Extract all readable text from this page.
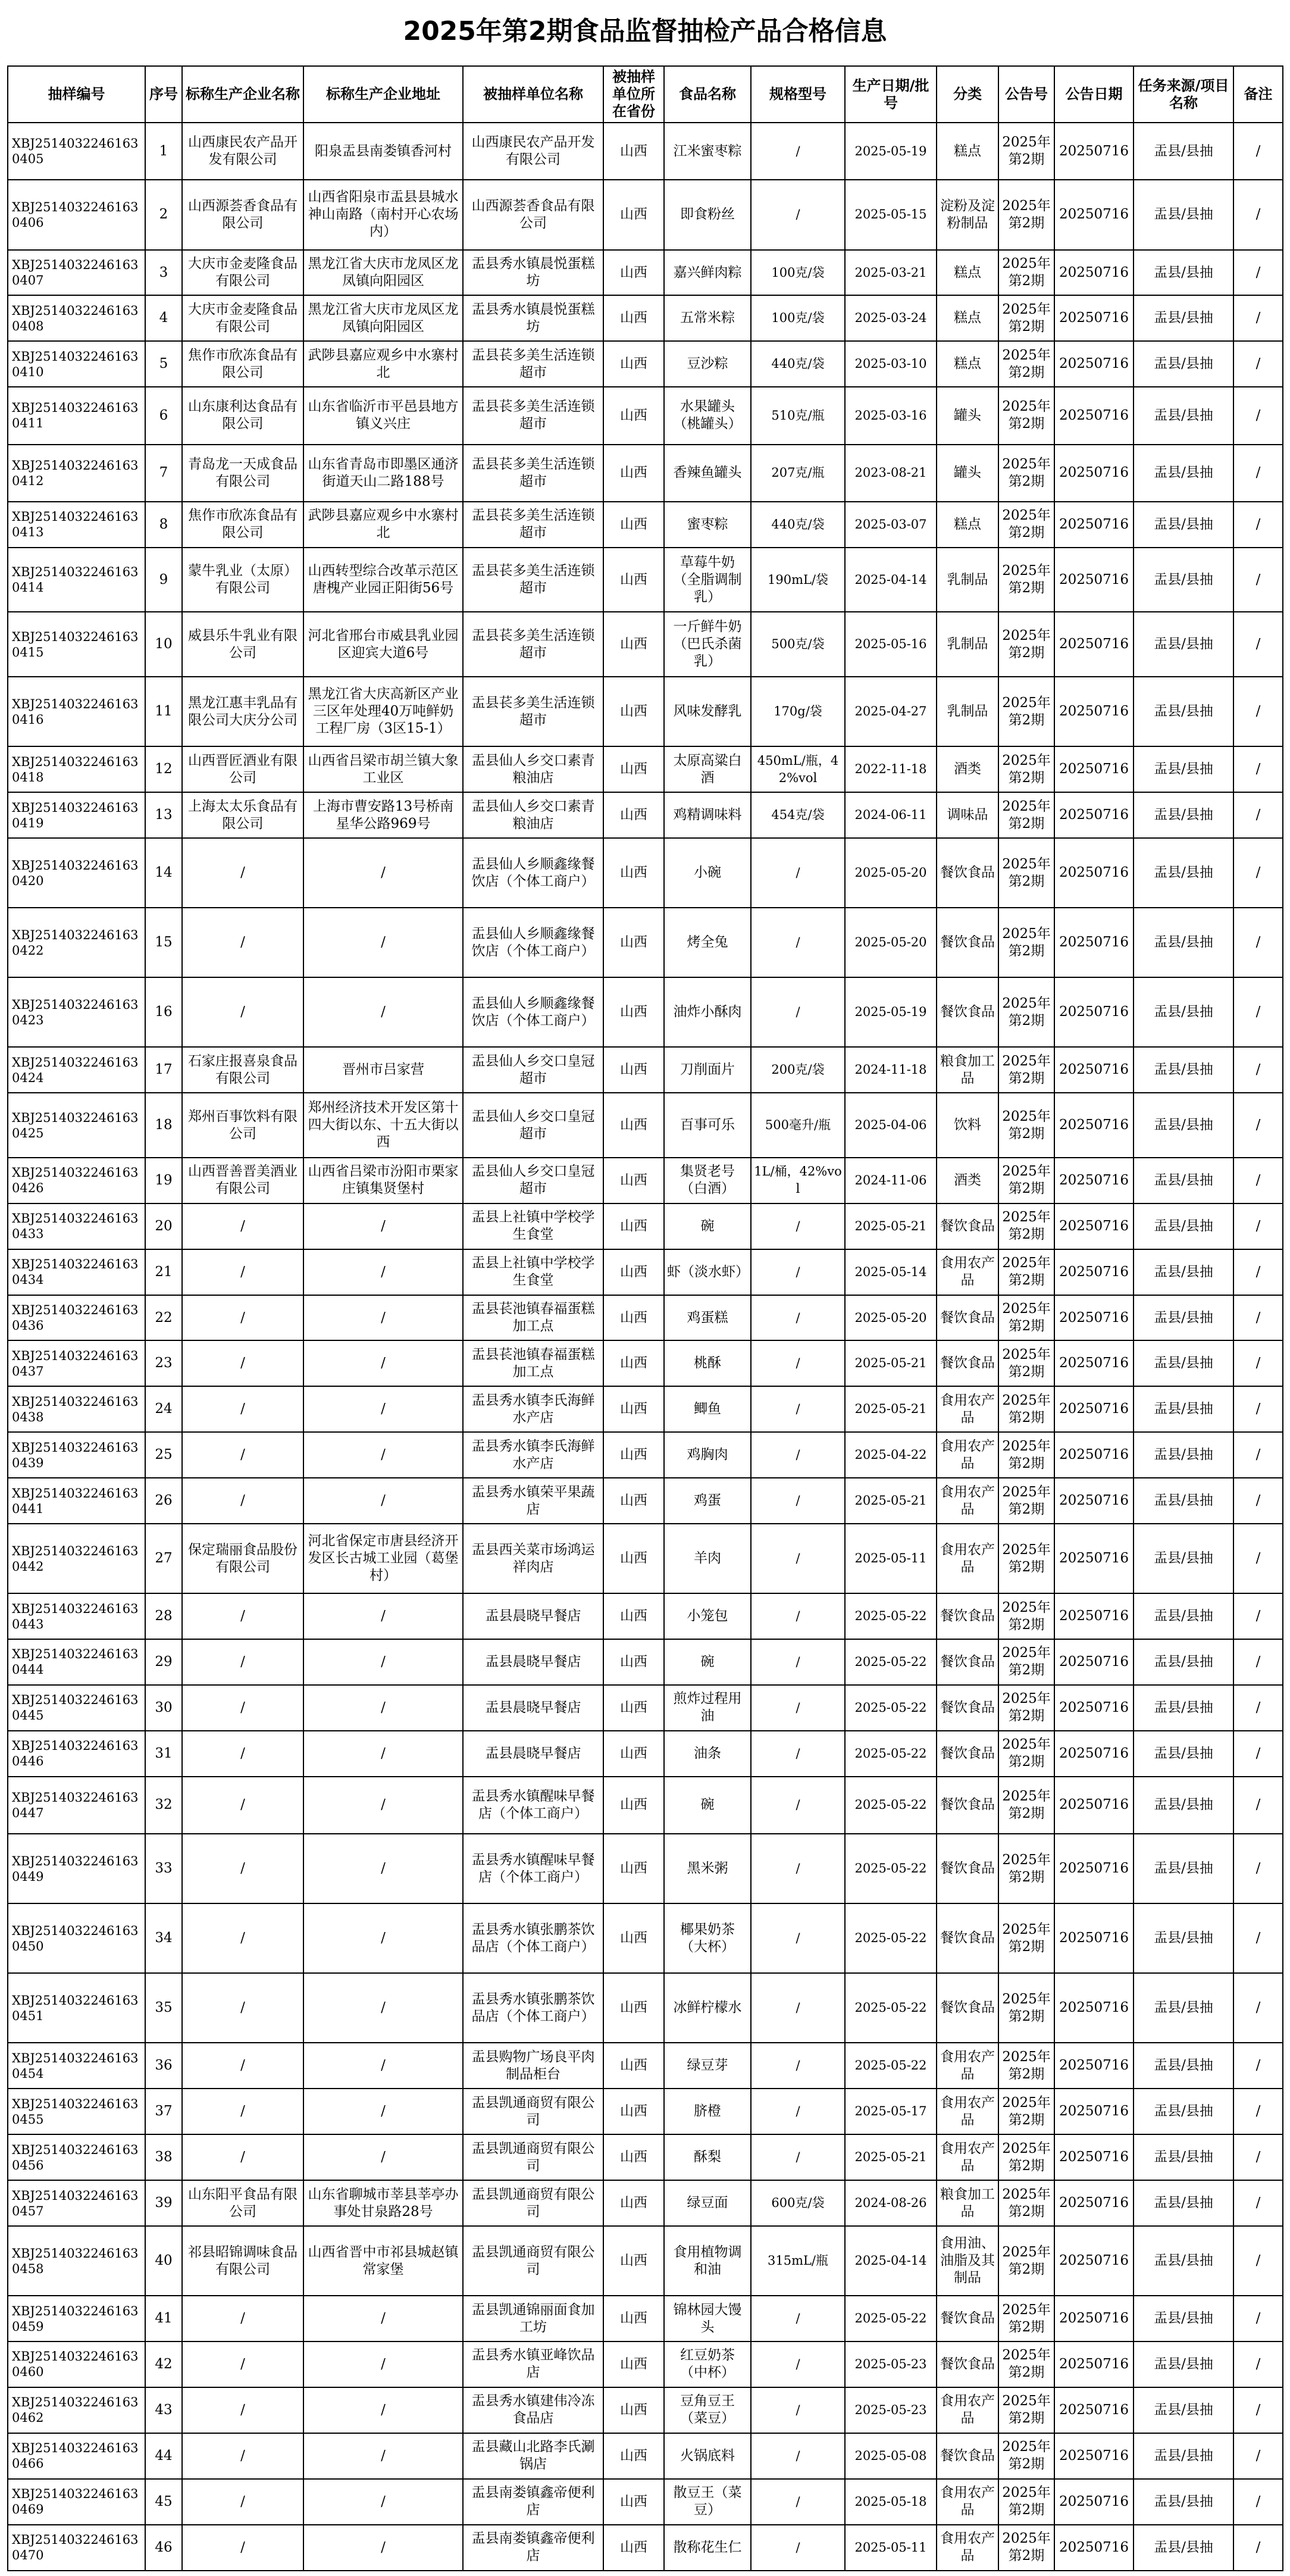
2025年第2期食品监督抽检产品合格信息
抽样编号	序号	标称生产企业名称	标称生产企业地址	被抽样单位名称	被抽样单位所在省份	食品名称	规格型号	生产日期/批号	分类	公告号	公告日期	任务来源/项目名称	备注
XBJ25140322461630405	1	山西康民农产品开发有限公司	阳泉盂县南娄镇香河村	山西康民农产品开发有限公司	山西	江米蜜枣粽	/	2025-05-19	糕点	2025年第2期	20250716	盂县/县抽	/
XBJ25140322461630406	2	山西源荟香食品有限公司	山西省阳泉市盂县县城水神山南路（南村开心农场内）	山西源荟香食品有限公司	山西	即食粉丝	/	2025-05-15	淀粉及淀粉制品	2025年第2期	20250716	盂县/县抽	/
XBJ25140322461630407	3	大庆市金麦隆食品有限公司	黑龙江省大庆市龙凤区龙凤镇向阳园区	盂县秀水镇晨悦蛋糕坊	山西	嘉兴鲜肉粽	100克/袋	2025-03-21	糕点	2025年第2期	20250716	盂县/县抽	/
XBJ25140322461630408	4	大庆市金麦隆食品有限公司	黑龙江省大庆市龙凤区龙凤镇向阳园区	盂县秀水镇晨悦蛋糕坊	山西	五常米粽	100克/袋	2025-03-24	糕点	2025年第2期	20250716	盂县/县抽	/
XBJ25140322461630410	5	焦作市欣冻食品有限公司	武陟县嘉应观乡中水寨村北	盂县苌多美生活连锁超市	山西	豆沙粽	440克/袋	2025-03-10	糕点	2025年第2期	20250716	盂县/县抽	/
XBJ25140322461630411	6	山东康利达食品有限公司	山东省临沂市平邑县地方镇义兴庄	盂县苌多美生活连锁超市	山西	水果罐头（桃罐头）	510克/瓶	2025-03-16	罐头	2025年第2期	20250716	盂县/县抽	/
XBJ25140322461630412	7	青岛龙一天成食品有限公司	山东省青岛市即墨区通济街道天山二路188号	盂县苌多美生活连锁超市	山西	香辣鱼罐头	207克/瓶	2023-08-21	罐头	2025年第2期	20250716	盂县/县抽	/
XBJ25140322461630413	8	焦作市欣冻食品有限公司	武陟县嘉应观乡中水寨村北	盂县苌多美生活连锁超市	山西	蜜枣粽	440克/袋	2025-03-07	糕点	2025年第2期	20250716	盂县/县抽	/
XBJ25140322461630414	9	蒙牛乳业（太原）有限公司	山西转型综合改革示范区唐槐产业园正阳街56号	盂县苌多美生活连锁超市	山西	草莓牛奶（全脂调制乳）	190mL/袋	2025-04-14	乳制品	2025年第2期	20250716	盂县/县抽	/
XBJ25140322461630415	10	威县乐牛乳业有限公司	河北省邢台市威县乳业园区迎宾大道6号	盂县苌多美生活连锁超市	山西	一斤鲜牛奶（巴氏杀菌乳）	500克/袋	2025-05-16	乳制品	2025年第2期	20250716	盂县/县抽	/
XBJ25140322461630416	11	黑龙江惠丰乳品有限公司大庆分公司	黑龙江省大庆高新区产业三区年处理40万吨鲜奶工程厂房（3区15-1）	盂县苌多美生活连锁超市	山西	风味发酵乳	170g/袋	2025-04-27	乳制品	2025年第2期	20250716	盂县/县抽	/
XBJ25140322461630418	12	山西晋匠酒业有限公司	山西省吕梁市胡兰镇大象工业区	盂县仙人乡交口素青粮油店	山西	太原高粱白酒	450mL/瓶，42%vol	2022-11-18	酒类	2025年第2期	20250716	盂县/县抽	/
XBJ25140322461630419	13	上海太太乐食品有限公司	上海市曹安路13号桥南星华公路969号	盂县仙人乡交口素青粮油店	山西	鸡精调味料	454克/袋	2024-06-11	调味品	2025年第2期	20250716	盂县/县抽	/
XBJ25140322461630420	14	/	/	盂县仙人乡顺鑫缘餐饮店（个体工商户）	山西	小碗	/	2025-05-20	餐饮食品	2025年第2期	20250716	盂县/县抽	/
XBJ25140322461630422	15	/	/	盂县仙人乡顺鑫缘餐饮店（个体工商户）	山西	烤全兔	/	2025-05-20	餐饮食品	2025年第2期	20250716	盂县/县抽	/
XBJ25140322461630423	16	/	/	盂县仙人乡顺鑫缘餐饮店（个体工商户）	山西	油炸小酥肉	/	2025-05-19	餐饮食品	2025年第2期	20250716	盂县/县抽	/
XBJ25140322461630424	17	石家庄报喜泉食品有限公司	晋州市吕家营	盂县仙人乡交口皇冠超市	山西	刀削面片	200克/袋	2024-11-18	粮食加工品	2025年第2期	20250716	盂县/县抽	/
XBJ25140322461630425	18	郑州百事饮料有限公司	郑州经济技术开发区第十四大街以东、十五大街以西	盂县仙人乡交口皇冠超市	山西	百事可乐	500毫升/瓶	2025-04-06	饮料	2025年第2期	20250716	盂县/县抽	/
XBJ25140322461630426	19	山西晋善晋美酒业有限公司	山西省吕梁市汾阳市栗家庄镇集贤堡村	盂县仙人乡交口皇冠超市	山西	集贤老号（白酒）	1L/桶，42%vol	2024-11-06	酒类	2025年第2期	20250716	盂县/县抽	/
XBJ25140322461630433	20	/	/	盂县上社镇中学校学生食堂	山西	碗	/	2025-05-21	餐饮食品	2025年第2期	20250716	盂县/县抽	/
XBJ25140322461630434	21	/	/	盂县上社镇中学校学生食堂	山西	虾（淡水虾）	/	2025-05-14	食用农产品	2025年第2期	20250716	盂县/县抽	/
XBJ25140322461630436	22	/	/	盂县苌池镇春福蛋糕加工点	山西	鸡蛋糕	/	2025-05-20	餐饮食品	2025年第2期	20250716	盂县/县抽	/
XBJ25140322461630437	23	/	/	盂县苌池镇春福蛋糕加工点	山西	桃酥	/	2025-05-21	餐饮食品	2025年第2期	20250716	盂县/县抽	/
XBJ25140322461630438	24	/	/	盂县秀水镇李氏海鲜水产店	山西	鲫鱼	/	2025-05-21	食用农产品	2025年第2期	20250716	盂县/县抽	/
XBJ25140322461630439	25	/	/	盂县秀水镇李氏海鲜水产店	山西	鸡胸肉	/	2025-04-22	食用农产品	2025年第2期	20250716	盂县/县抽	/
XBJ25140322461630441	26	/	/	盂县秀水镇荣平果蔬店	山西	鸡蛋	/	2025-05-21	食用农产品	2025年第2期	20250716	盂县/县抽	/
XBJ25140322461630442	27	保定瑞丽食品股份有限公司	河北省保定市唐县经济开发区长古城工业园（葛堡村）	盂县西关菜市场鸿运祥肉店	山西	羊肉	/	2025-05-11	食用农产品	2025年第2期	20250716	盂县/县抽	/
XBJ25140322461630443	28	/	/	盂县晨晓早餐店	山西	小笼包	/	2025-05-22	餐饮食品	2025年第2期	20250716	盂县/县抽	/
XBJ25140322461630444	29	/	/	盂县晨晓早餐店	山西	碗	/	2025-05-22	餐饮食品	2025年第2期	20250716	盂县/县抽	/
XBJ25140322461630445	30	/	/	盂县晨晓早餐店	山西	煎炸过程用油	/	2025-05-22	餐饮食品	2025年第2期	20250716	盂县/县抽	/
XBJ25140322461630446	31	/	/	盂县晨晓早餐店	山西	油条	/	2025-05-22	餐饮食品	2025年第2期	20250716	盂县/县抽	/
XBJ25140322461630447	32	/	/	盂县秀水镇醒味早餐店（个体工商户）	山西	碗	/	2025-05-22	餐饮食品	2025年第2期	20250716	盂县/县抽	/
XBJ25140322461630449	33	/	/	盂县秀水镇醒味早餐店（个体工商户）	山西	黑米粥	/	2025-05-22	餐饮食品	2025年第2期	20250716	盂县/县抽	/
XBJ25140322461630450	34	/	/	盂县秀水镇张鹏茶饮品店（个体工商户）	山西	椰果奶茶（大杯）	/	2025-05-22	餐饮食品	2025年第2期	20250716	盂县/县抽	/
XBJ25140322461630451	35	/	/	盂县秀水镇张鹏茶饮品店（个体工商户）	山西	冰鲜柠檬水	/	2025-05-22	餐饮食品	2025年第2期	20250716	盂县/县抽	/
XBJ25140322461630454	36	/	/	盂县购物广场良平肉制品柜台	山西	绿豆芽	/	2025-05-22	食用农产品	2025年第2期	20250716	盂县/县抽	/
XBJ25140322461630455	37	/	/	盂县凯通商贸有限公司	山西	脐橙	/	2025-05-17	食用农产品	2025年第2期	20250716	盂县/县抽	/
XBJ25140322461630456	38	/	/	盂县凯通商贸有限公司	山西	酥梨	/	2025-05-21	食用农产品	2025年第2期	20250716	盂县/县抽	/
XBJ25140322461630457	39	山东阳平食品有限公司	山东省聊城市莘县莘亭办事处甘泉路28号	盂县凯通商贸有限公司	山西	绿豆面	600克/袋	2024-08-26	粮食加工品	2025年第2期	20250716	盂县/县抽	/
XBJ25140322461630458	40	祁县昭锦调味食品有限公司	山西省晋中市祁县城赵镇常家堡	盂县凯通商贸有限公司	山西	食用植物调和油	315mL/瓶	2025-04-14	食用油、油脂及其制品	2025年第2期	20250716	盂县/县抽	/
XBJ25140322461630459	41	/	/	盂县凯通锦丽面食加工坊	山西	锦林园大馒头	/	2025-05-22	餐饮食品	2025年第2期	20250716	盂县/县抽	/
XBJ25140322461630460	42	/	/	盂县秀水镇亚峰饮品店	山西	红豆奶茶（中杯）	/	2025-05-23	餐饮食品	2025年第2期	20250716	盂县/县抽	/
XBJ25140322461630462	43	/	/	盂县秀水镇建伟冷冻食品店	山西	豆角豆王（菜豆）	/	2025-05-23	食用农产品	2025年第2期	20250716	盂县/县抽	/
XBJ25140322461630466	44	/	/	盂县藏山北路李氏涮锅店	山西	火锅底料	/	2025-05-08	餐饮食品	2025年第2期	20250716	盂县/县抽	/
XBJ25140322461630469	45	/	/	盂县南娄镇鑫帝便利店	山西	散豆王（菜豆）	/	2025-05-18	食用农产品	2025年第2期	20250716	盂县/县抽	/
XBJ25140322461630470	46	/	/	盂县南娄镇鑫帝便利店	山西	散称花生仁	/	2025-05-11	食用农产品	2025年第2期	20250716	盂县/县抽	/
